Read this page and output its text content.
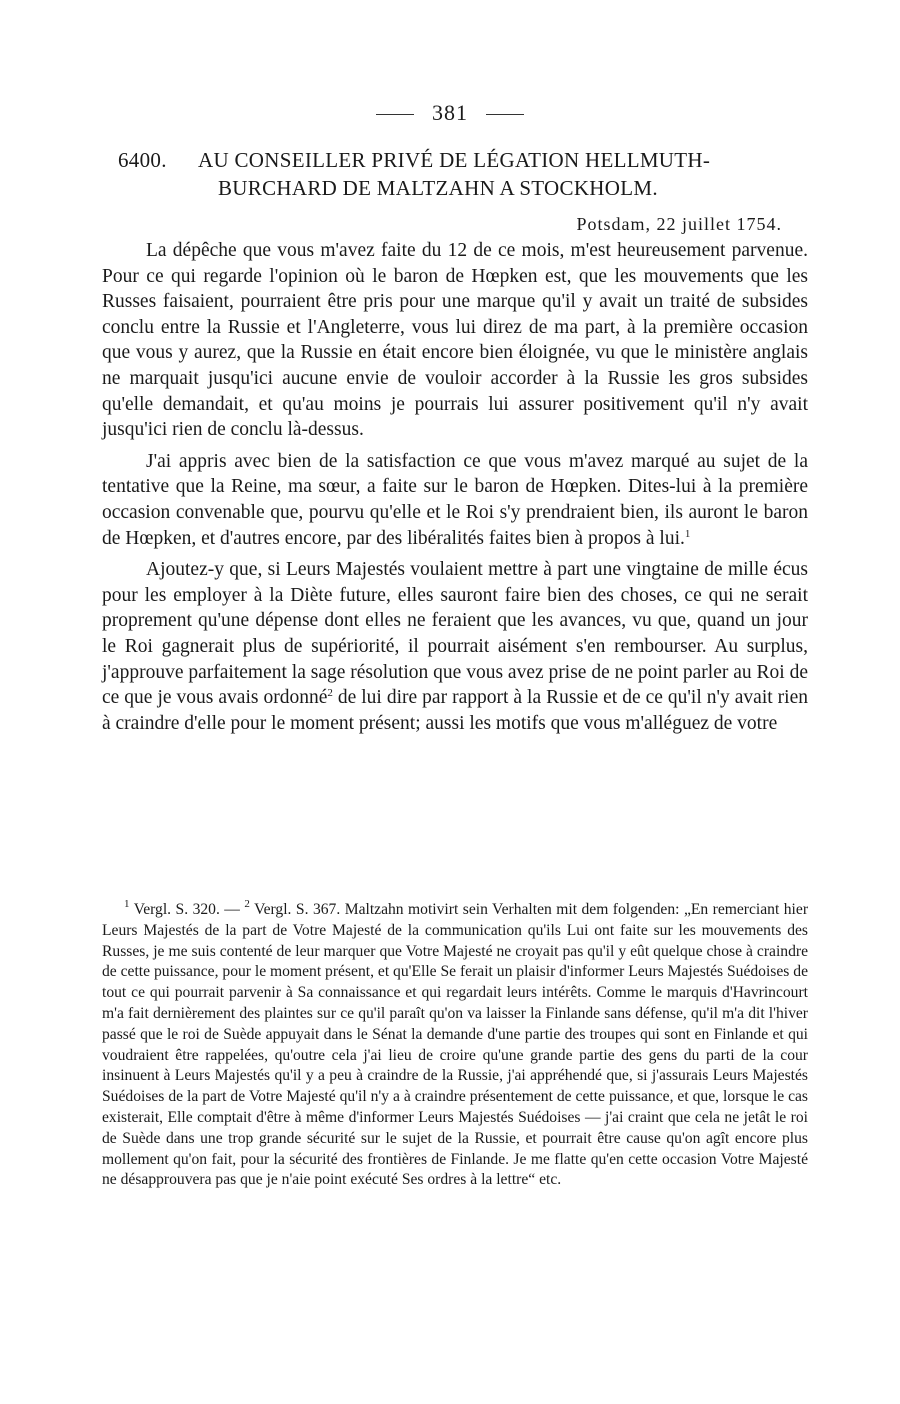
381
6400. AU CONSEILLER PRIVÉ DE LÉGATION HELLMUTH-
BURCHARD DE MALTZAHN A STOCKHOLM.
Potsdam, 22 juillet 1754.

La dépêche que vous m'avez faite du 12 de ce mois, m'est heureusement parvenue. Pour ce qui regarde l'opinion où le baron de Hœpken est, que les mouvements que les Russes faisaient, pourraient être pris pour une marque qu'il y avait un traité de subsides conclu entre la Russie et l'Angleterre, vous lui direz de ma part, à la première occasion que vous y aurez, que la Russie en était encore bien éloignée, vu que le ministère anglais ne marquait jusqu'ici aucune envie de vouloir accorder à la Russie les gros subsides qu'elle demandait, et qu'au moins je pourrais lui assurer positivement qu'il n'y avait jusqu'ici rien de conclu là-dessus.

J'ai appris avec bien de la satisfaction ce que vous m'avez marqué au sujet de la tentative que la Reine, ma sœur, a faite sur le baron de Hœpken. Dites-lui à la première occasion convenable que, pourvu qu'elle et le Roi s'y prendraient bien, ils auront le baron de Hœpken, et d'autres encore, par des libéralités faites bien à propos à lui.$^1$

Ajoutez-y que, si Leurs Majestés voulaient mettre à part une vingtaine de mille écus pour les employer à la Diète future, elles sauront faire bien des choses, ce qui ne serait proprement qu'une dépense dont elles ne feraient que les avances, vu que, quand un jour le Roi gagnerait plus de supériorité, il pourrait aisément s'en rembourser. Au surplus, j'approuve parfaitement la sage résolution que vous avez prise de ne point parler au Roi de ce que je vous avais ordonné$^2$ de lui dire par rapport à la Russie et de ce qu'il n'y avait rien à craindre d'elle pour le moment présent; aussi les motifs que vous m'alléguez de votre

$^1$ Vergl. S. 320. — $^2$ Vergl. S. 367. Maltzahn motivirt sein Verhalten mit dem folgenden: „En remerciant hier Leurs Majestés de la part de Votre Majesté de la communication qu'ils Lui ont faite sur les mouvements des Russes, je me suis contenté de leur marquer que Votre Majesté ne croyait pas qu'il y eût quelque chose à craindre de cette puissance, pour le moment présent, et qu'Elle Se ferait un plaisir d'informer Leurs Majestés Suédoises de tout ce qui pourrait parvenir à Sa connaissance et qui regardait leurs intérêts. Comme le marquis d'Havrincourt m'a fait dernièrement des plaintes sur ce qu'il paraît qu'on va laisser la Finlande sans défense, qu'il m'a dit l'hiver passé que le roi de Suède appuyait dans le Sénat la demande d'une partie des troupes qui sont en Finlande et qui voudraient être rappelées, qu'outre cela j'ai lieu de croire qu'une grande partie des gens du parti de la cour insinuent à Leurs Majestés qu'il y a peu à craindre de la Russie, j'ai appréhendé que, si j'assurais Leurs Majestés Suédoises de la part de Votre Majesté qu'il n'y a à craindre présentement de cette puissance, et que, lorsque le cas existerait, Elle comptait d'être à même d'informer Leurs Majestés Suédoises — j'ai craint que cela ne jetât le roi de Suède dans une trop grande sécurité sur le sujet de la Russie, et pourrait être cause qu'on agît encore plus mollement qu'on fait, pour la sécurité des frontières de Finlande. Je me flatte qu'en cette occasion Votre Majesté ne désapprouvera pas que je n'aie point exécuté Ses ordres à la lettre“ etc.
